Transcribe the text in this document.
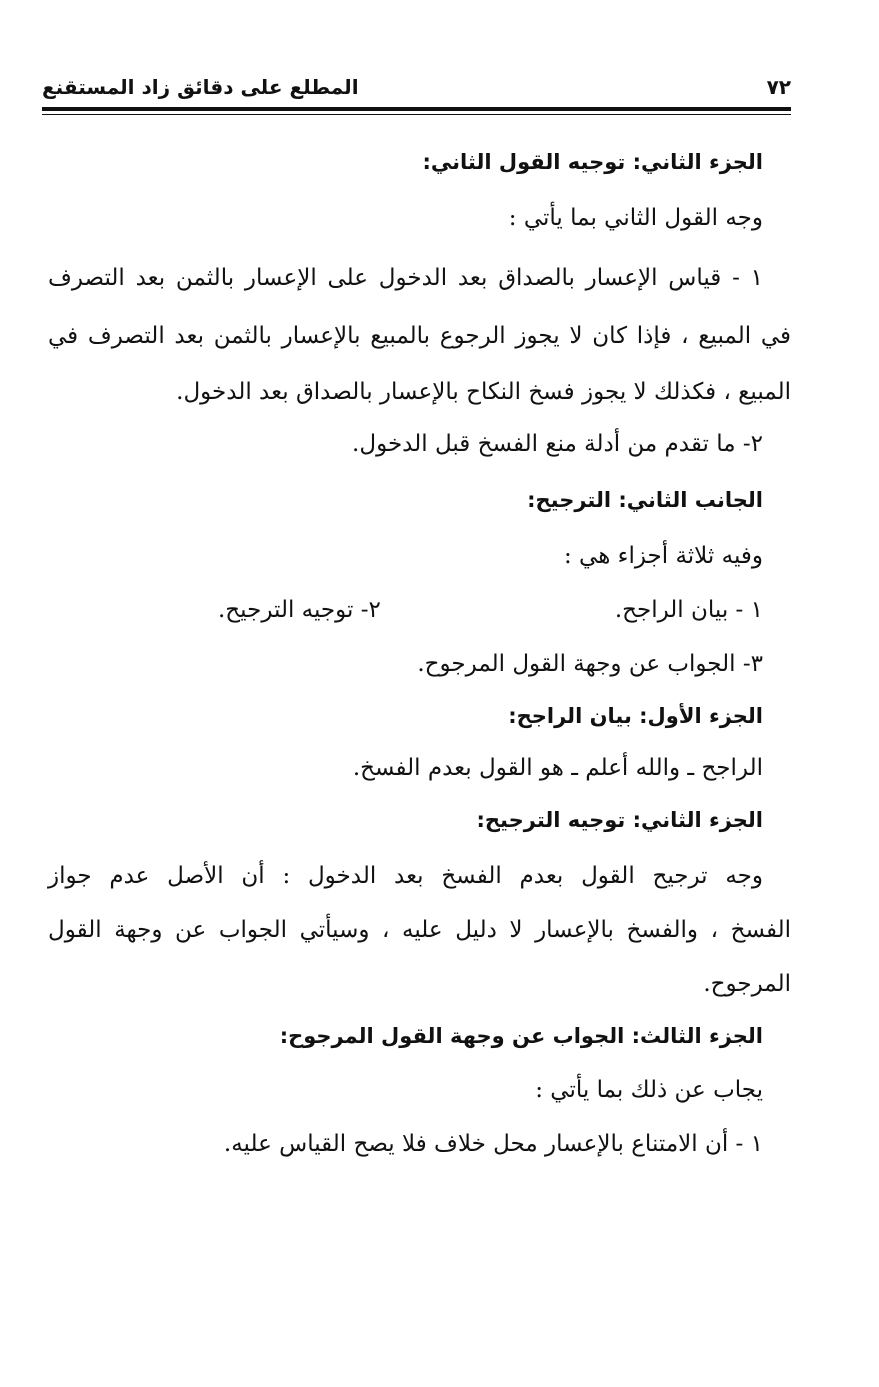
٧٢
المطلع على دقائق زاد المستقنع
الجزء الثاني: توجيه القول الثاني:
وجه القول الثاني بما يأتي :
١ - قياس الإعسار بالصداق بعد الدخول على الإعسار بالثمن بعد التصرف
في المبيع ، فإذا كان لا يجوز الرجوع بالمبيع بالإعسار بالثمن بعد التصرف في
المبيع ، فكذلك لا يجوز فسخ النكاح بالإعسار بالصداق بعد الدخول.
٢- ما تقدم من أدلة منع الفسخ قبل الدخول.
الجانب الثاني: الترجيح:
وفيه ثلاثة أجزاء هي :
١ - بيان الراجح.
٢- توجيه الترجيح.
٣- الجواب عن وجهة القول المرجوح.
الجزء الأول: بيان الراجح:
الراجح ـ والله أعلم ـ هو القول بعدم الفسخ.
الجزء الثاني: توجيه الترجيح:
وجه ترجيح القول بعدم الفسخ بعد الدخول : أن الأصل عدم جواز
الفسخ ، والفسخ بالإعسار لا دليل عليه ، وسيأتي الجواب عن وجهة القول
المرجوح.
الجزء الثالث: الجواب عن وجهة القول المرجوح:
يجاب عن ذلك بما يأتي :
١ - أن الامتناع بالإعسار محل خلاف فلا يصح القياس عليه.
